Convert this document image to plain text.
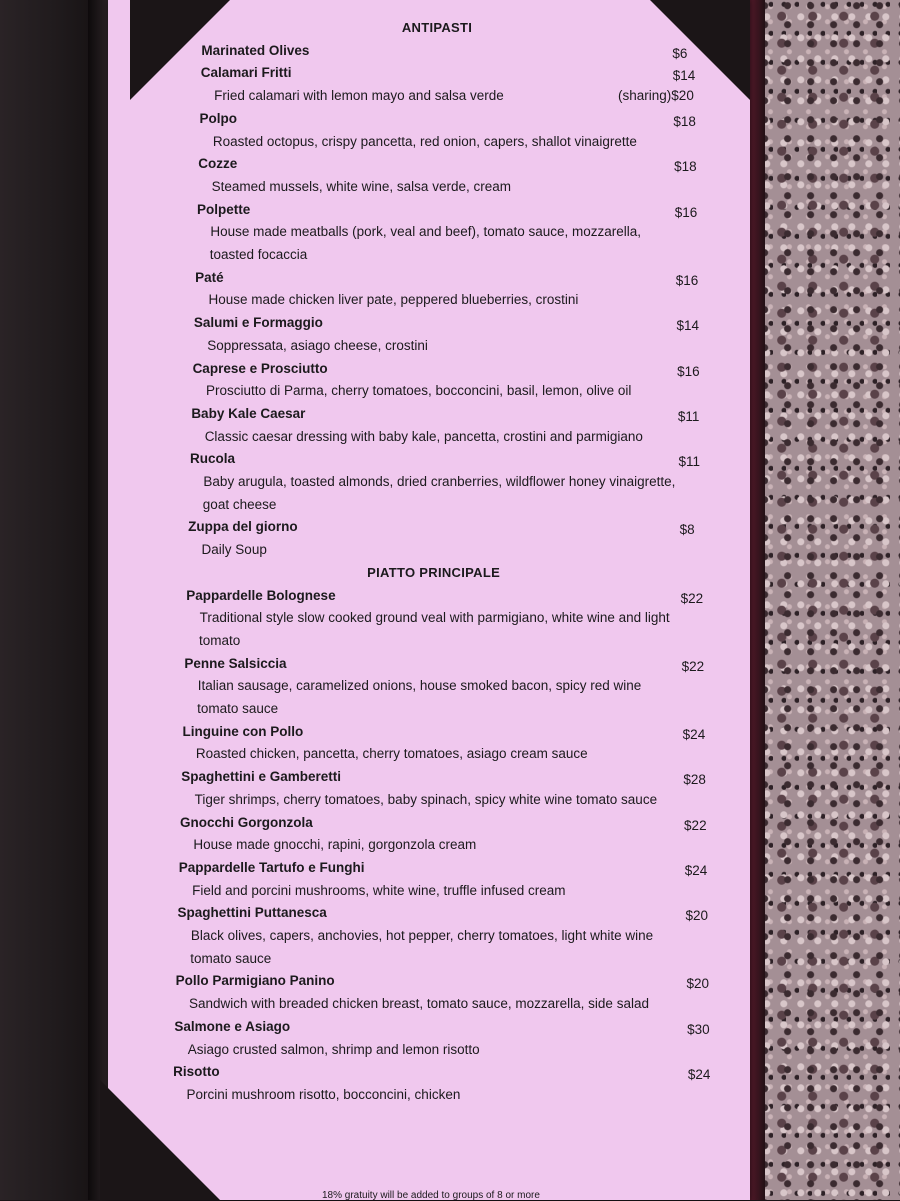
ANTIPASTI
Marinated Olives	$6
Calamari Fritti	$14
Fried calamari with lemon mayo and salsa verde	(sharing)$20
Polpo	$18
Roasted octopus, crispy pancetta, red onion, capers, shallot vinaigrette
Cozze	$18
Steamed mussels, white wine, salsa verde, cream
Polpette	$16
House made meatballs (pork, veal and beef), tomato sauce, mozzarella,
toasted focaccia
Paté	$16
House made chicken liver pate, peppered blueberries, crostini
Salumi e Formaggio	$14
Soppressata, asiago cheese, crostini
Caprese e Prosciutto	$16
Prosciutto di Parma, cherry tomatoes, bocconcini, basil, lemon, olive oil
Baby Kale Caesar	$11
Classic caesar dressing with baby kale, pancetta, crostini and parmigiano
Rucola	$11
Baby arugula, toasted almonds, dried cranberries, wildflower honey vinaigrette,
goat cheese
Zuppa del giorno	$8
Daily Soup
PIATTO PRINCIPALE
Pappardelle Bolognese	$22
Traditional style slow cooked ground veal with parmigiano, white wine and light
tomato
Penne Salsiccia	$22
Italian sausage, caramelized onions, house smoked bacon, spicy red wine
tomato sauce
Linguine con Pollo	$24
Roasted chicken, pancetta, cherry tomatoes, asiago cream sauce
Spaghettini e Gamberetti	$28
Tiger shrimps, cherry tomatoes, baby spinach, spicy white wine tomato sauce
Gnocchi Gorgonzola	$22
House made gnocchi, rapini, gorgonzola cream
Pappardelle Tartufo e Funghi	$24
Field and porcini mushrooms, white wine, truffle infused cream
Spaghettini Puttanesca	$20
Black olives, capers, anchovies, hot pepper, cherry tomatoes, light white wine
tomato sauce
Pollo Parmigiano Panino	$20
Sandwich with breaded chicken breast, tomato sauce, mozzarella, side salad
Salmone e Asiago	$30
Asiago crusted salmon, shrimp and lemon risotto
Risotto	$24
Porcini mushroom risotto, bocconcini, chicken
18% gratuity will be added to groups of 8 or more
